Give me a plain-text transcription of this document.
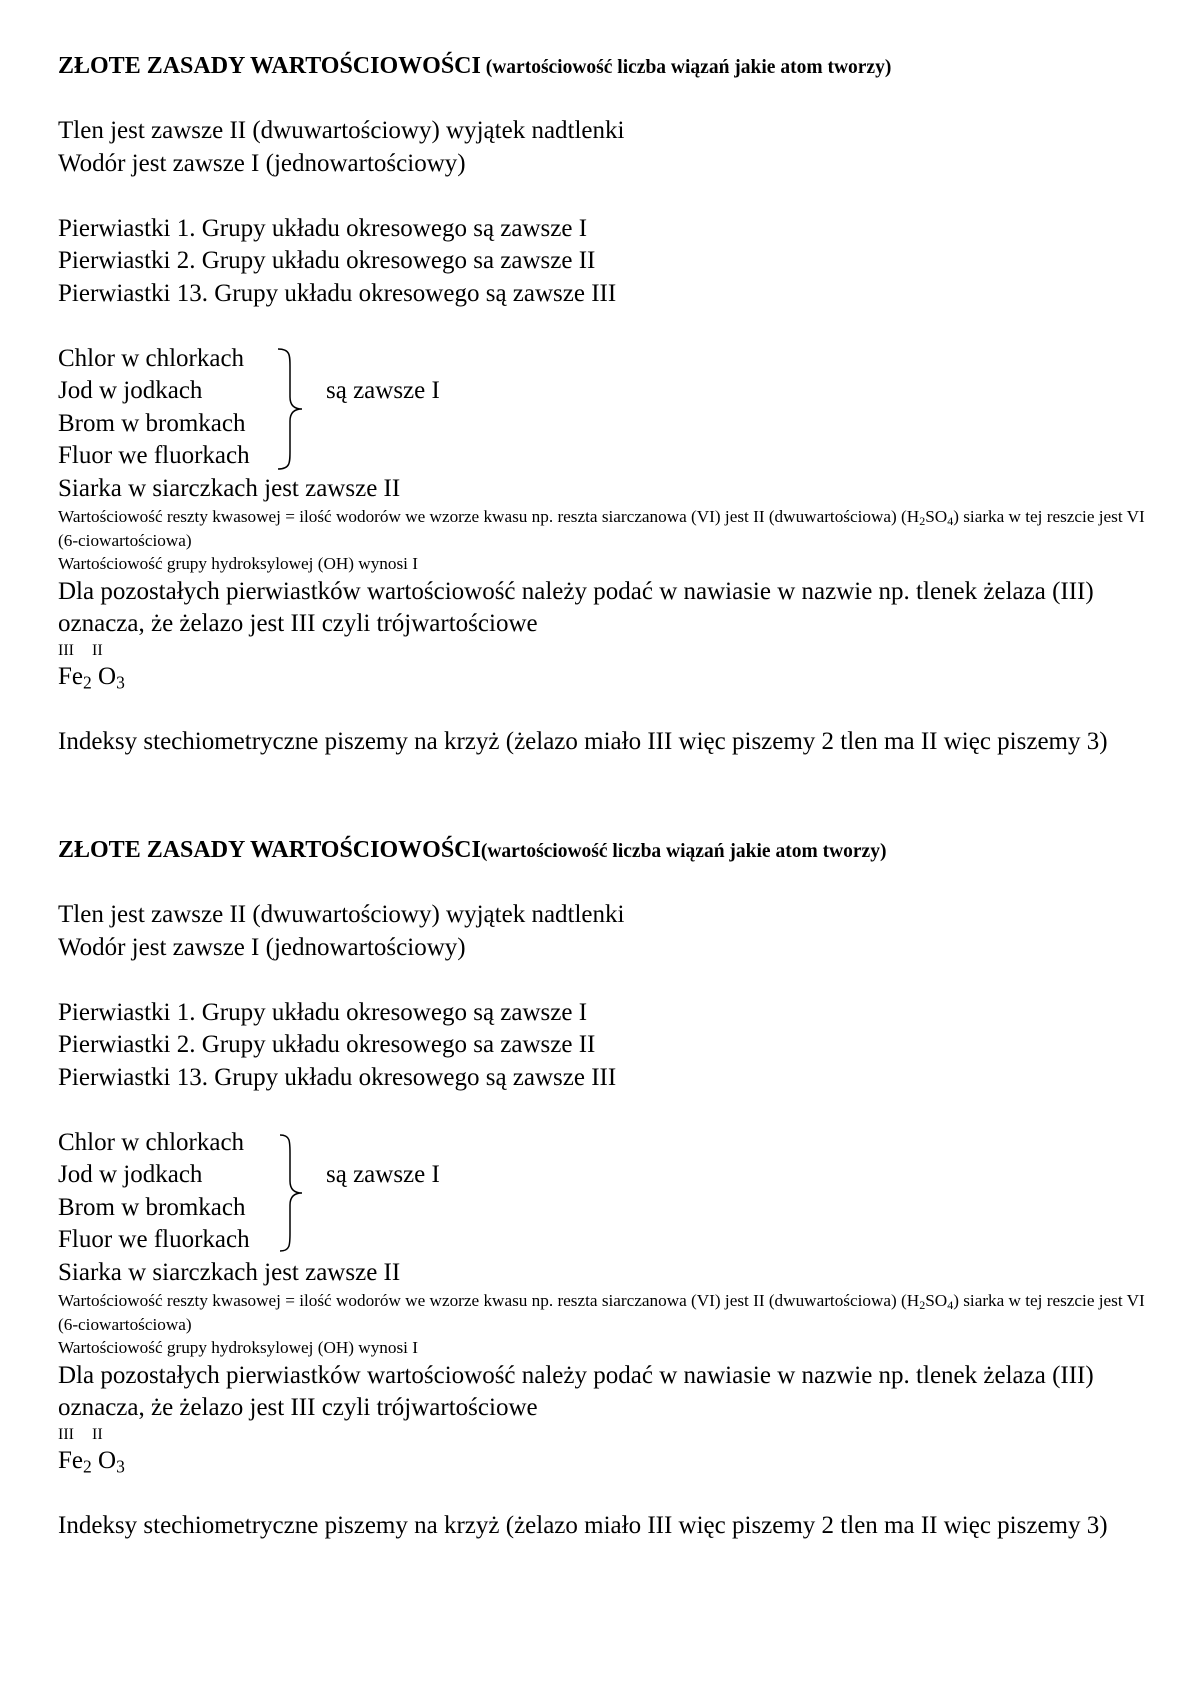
ZŁOTE ZASADY WARTOŚCIOWOŚCI (wartościowość liczba wiązań jakie atom tworzy)
Tlen jest zawsze II (dwuwartościowy) wyjątek nadtlenki
Wodór jest zawsze I (jednowartościowy)
Pierwiastki 1. Grupy układu okresowego są zawsze I
Pierwiastki 2. Grupy układu okresowego sa zawsze II
Pierwiastki 13. Grupy układu okresowego są zawsze III
Chlor w chlorkach
Jod w jodkach
Brom w bromkach
Fluor we fluorkach
są zawsze I
Siarka w siarczkach jest zawsze II
Wartościowość reszty kwasowej = ilość wodorów we wzorze kwasu np. reszta siarczanowa (VI) jest II (dwuwartościowa) $(H_2SO_4)$ siarka w tej reszcie jest VI (6-ciowartościowa)
Wartościowość grupy hydroksylowej (OH) wynosi I
Dla pozostałych pierwiastków wartościowość należy podać w nawiasie w nazwie np. tlenek żelaza (III) oznacza, że żelazo jest III czyli trójwartościowe
III II
$Fe_2$ $O_3$
Indeksy stechiometryczne piszemy na krzyż (żelazo miało III więc piszemy 2 tlen ma II więc piszemy 3)
ZŁOTE ZASADY WARTOŚCIOWOŚCI(wartościowość liczba wiązań jakie atom tworzy)
Tlen jest zawsze II (dwuwartościowy) wyjątek nadtlenki
Wodór jest zawsze I (jednowartościowy)
Pierwiastki 1. Grupy układu okresowego są zawsze I
Pierwiastki 2. Grupy układu okresowego sa zawsze II
Pierwiastki 13. Grupy układu okresowego są zawsze III
Chlor w chlorkach
Jod w jodkach
Brom w bromkach
Fluor we fluorkach
są zawsze I
Siarka w siarczkach jest zawsze II
Wartościowość reszty kwasowej = ilość wodorów we wzorze kwasu np. reszta siarczanowa (VI) jest II (dwuwartościowa) $(H_2SO_4)$ siarka w tej reszcie jest VI (6-ciowartościowa)
Wartościowość grupy hydroksylowej (OH) wynosi I
Dla pozostałych pierwiastków wartościowość należy podać w nawiasie w nazwie np. tlenek żelaza (III) oznacza, że żelazo jest III czyli trójwartościowe
III II
$Fe_2$ $O_3$
Indeksy stechiometryczne piszemy na krzyż (żelazo miało III więc piszemy 2 tlen ma II więc piszemy 3)
